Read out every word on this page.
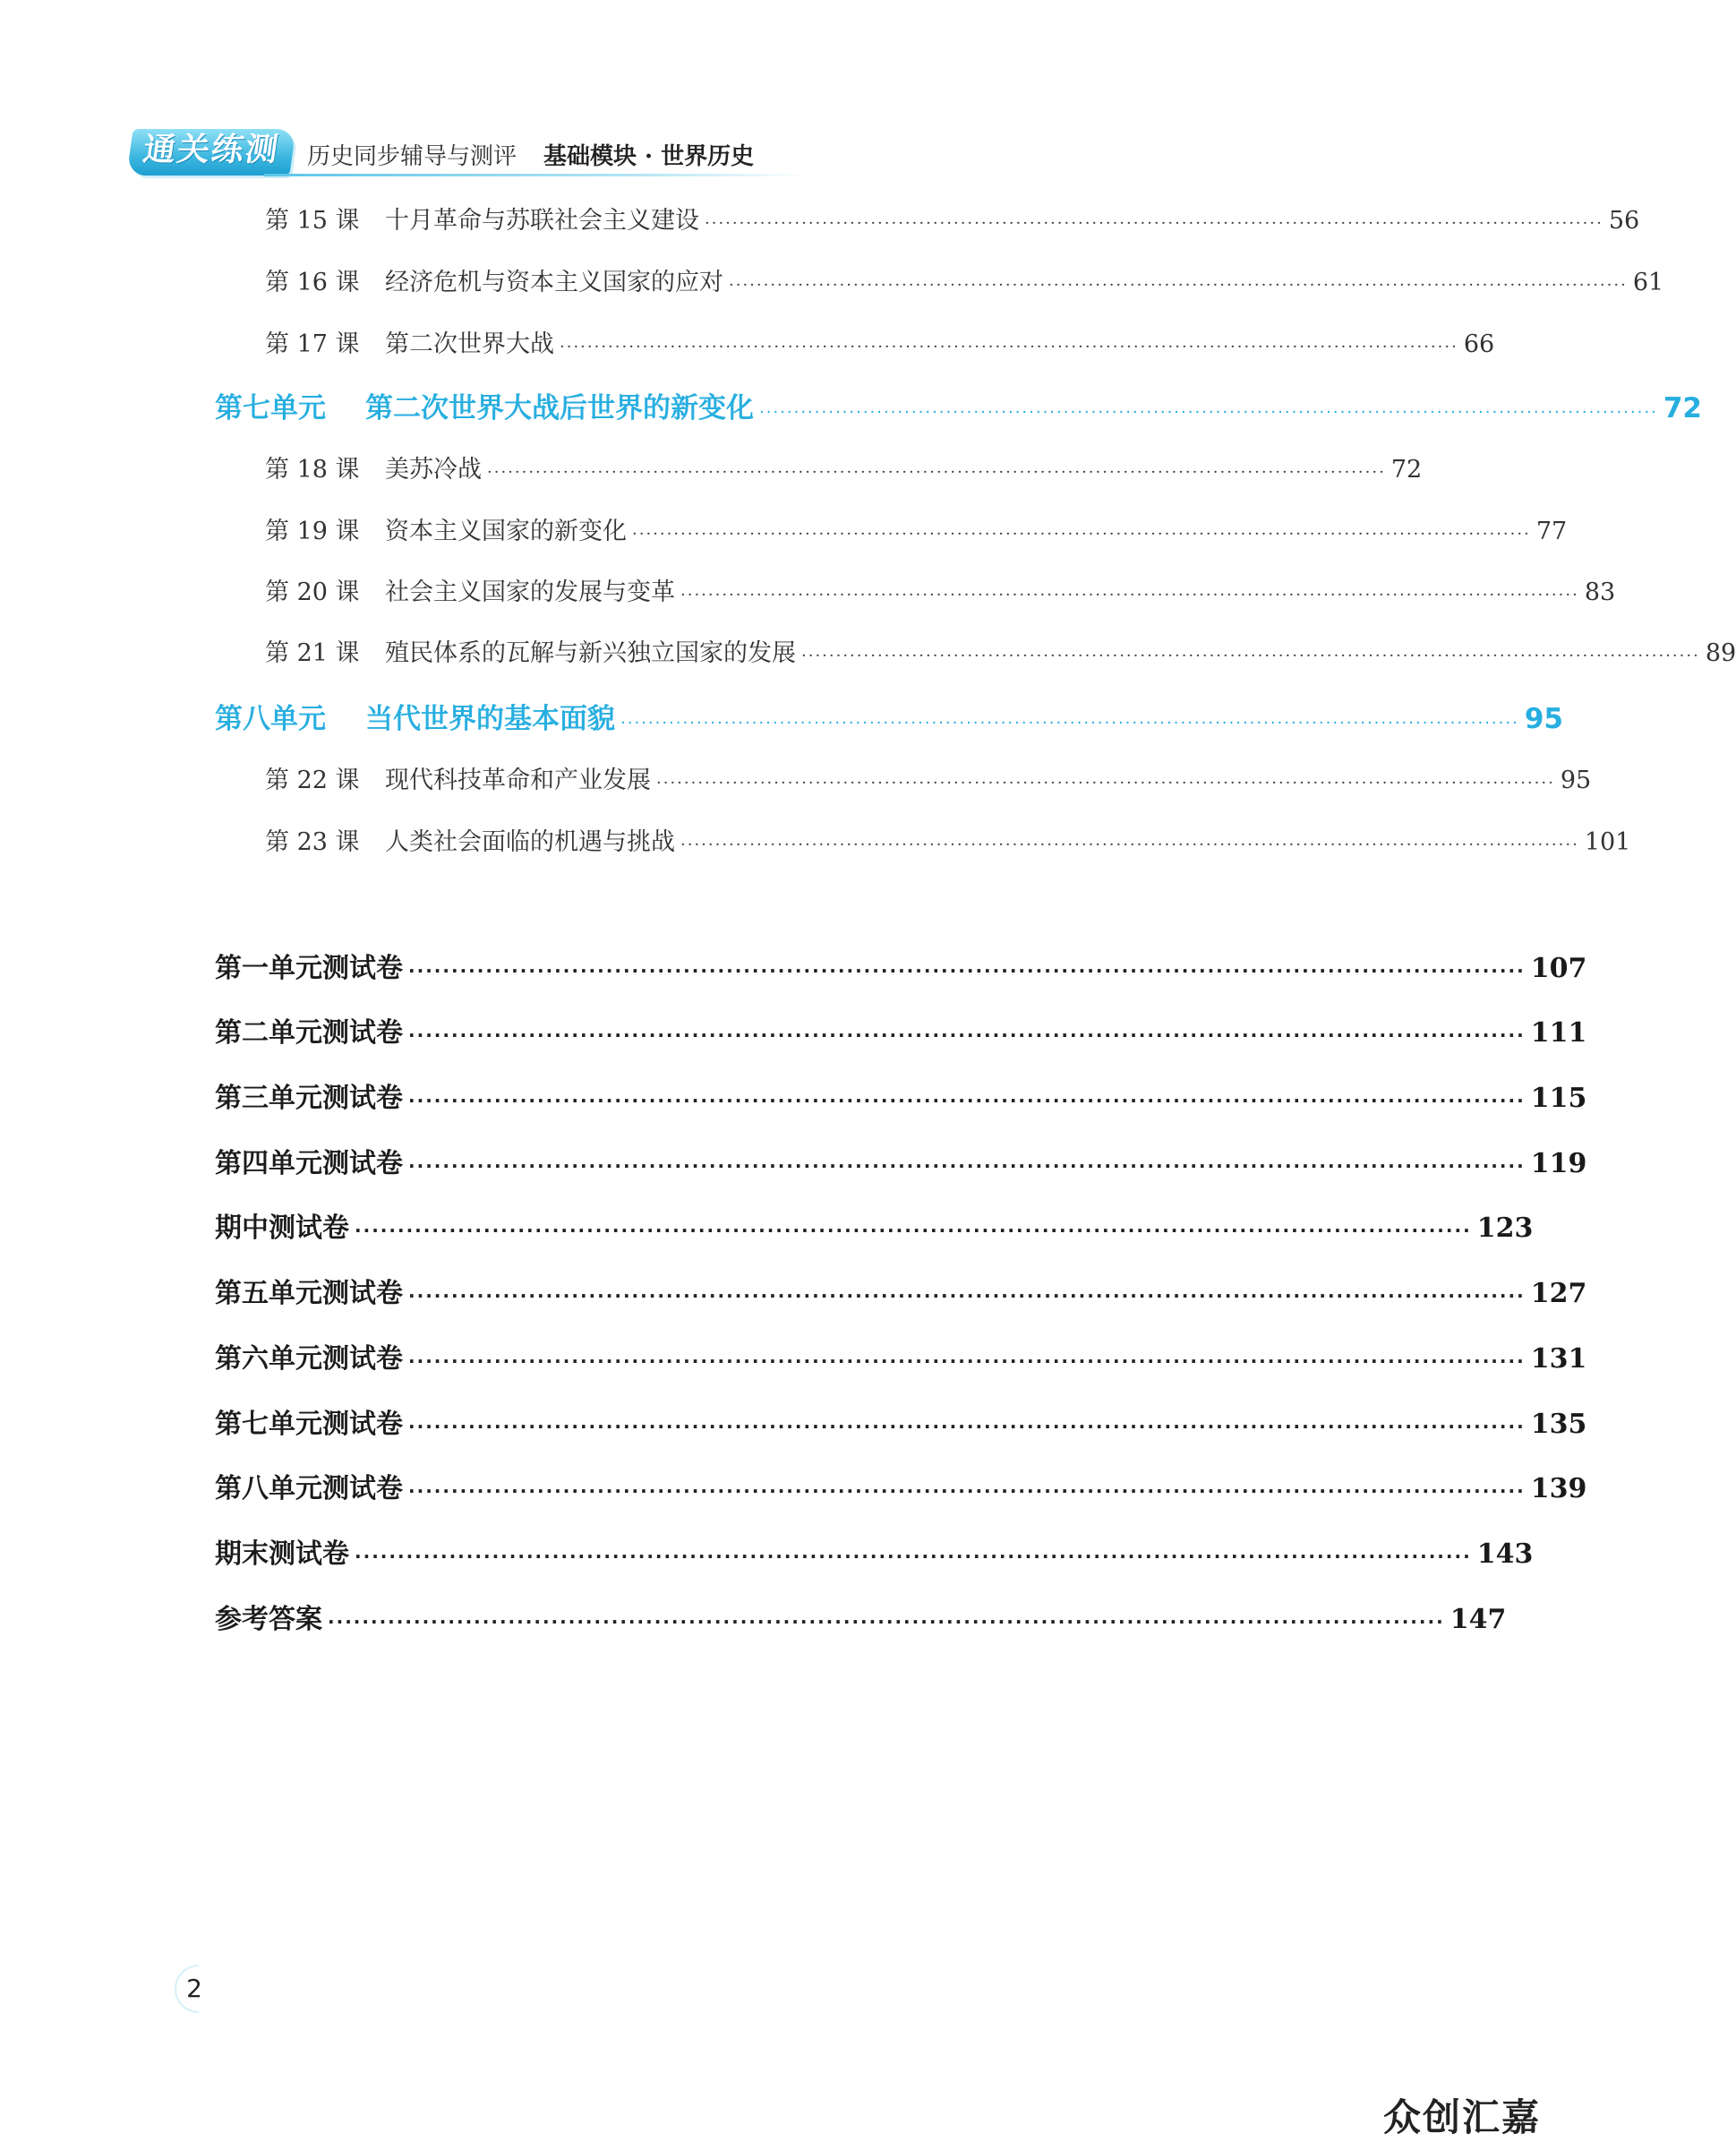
通关练测	历史同步辅导与测评 基础模块 · 世界历史
第 15 课 十月革命与苏联社会主义建设 ·································································································································· 56
第 16 课 经济危机与资本主义国家的应对 ·································································································································· 61
第 17 课 第二次世界大战 ·································································································································· 66
第七单元 第二次世界大战后世界的新变化 ·································································································································· 72
第 18 课 美苏冷战 ·································································································································· 72
第 19 课 资本主义国家的新变化 ·································································································································· 77
第 20 课 社会主义国家的发展与变革 ·································································································································· 83
第 21 课 殖民体系的瓦解与新兴独立国家的发展 ·································································································································· 89
第八单元 当代世界的基本面貌 ·································································································································· 95
第 22 课 现代科技革命和产业发展 ·································································································································· 95
第 23 课 人类社会面临的机遇与挑战 ·································································································································· 101
第一单元测试卷 ·································································································································· 107
第二单元测试卷 ·································································································································· 111
第三单元测试卷 ·································································································································· 115
第四单元测试卷 ·································································································································· 119
期中测试卷 ·································································································································· 123
第五单元测试卷 ·································································································································· 127
第六单元测试卷 ·································································································································· 131
第七单元测试卷 ·································································································································· 135
第八单元测试卷 ·································································································································· 139
期末测试卷 ·································································································································· 143
参考答案 ·································································································································· 147
2
众创汇嘉
